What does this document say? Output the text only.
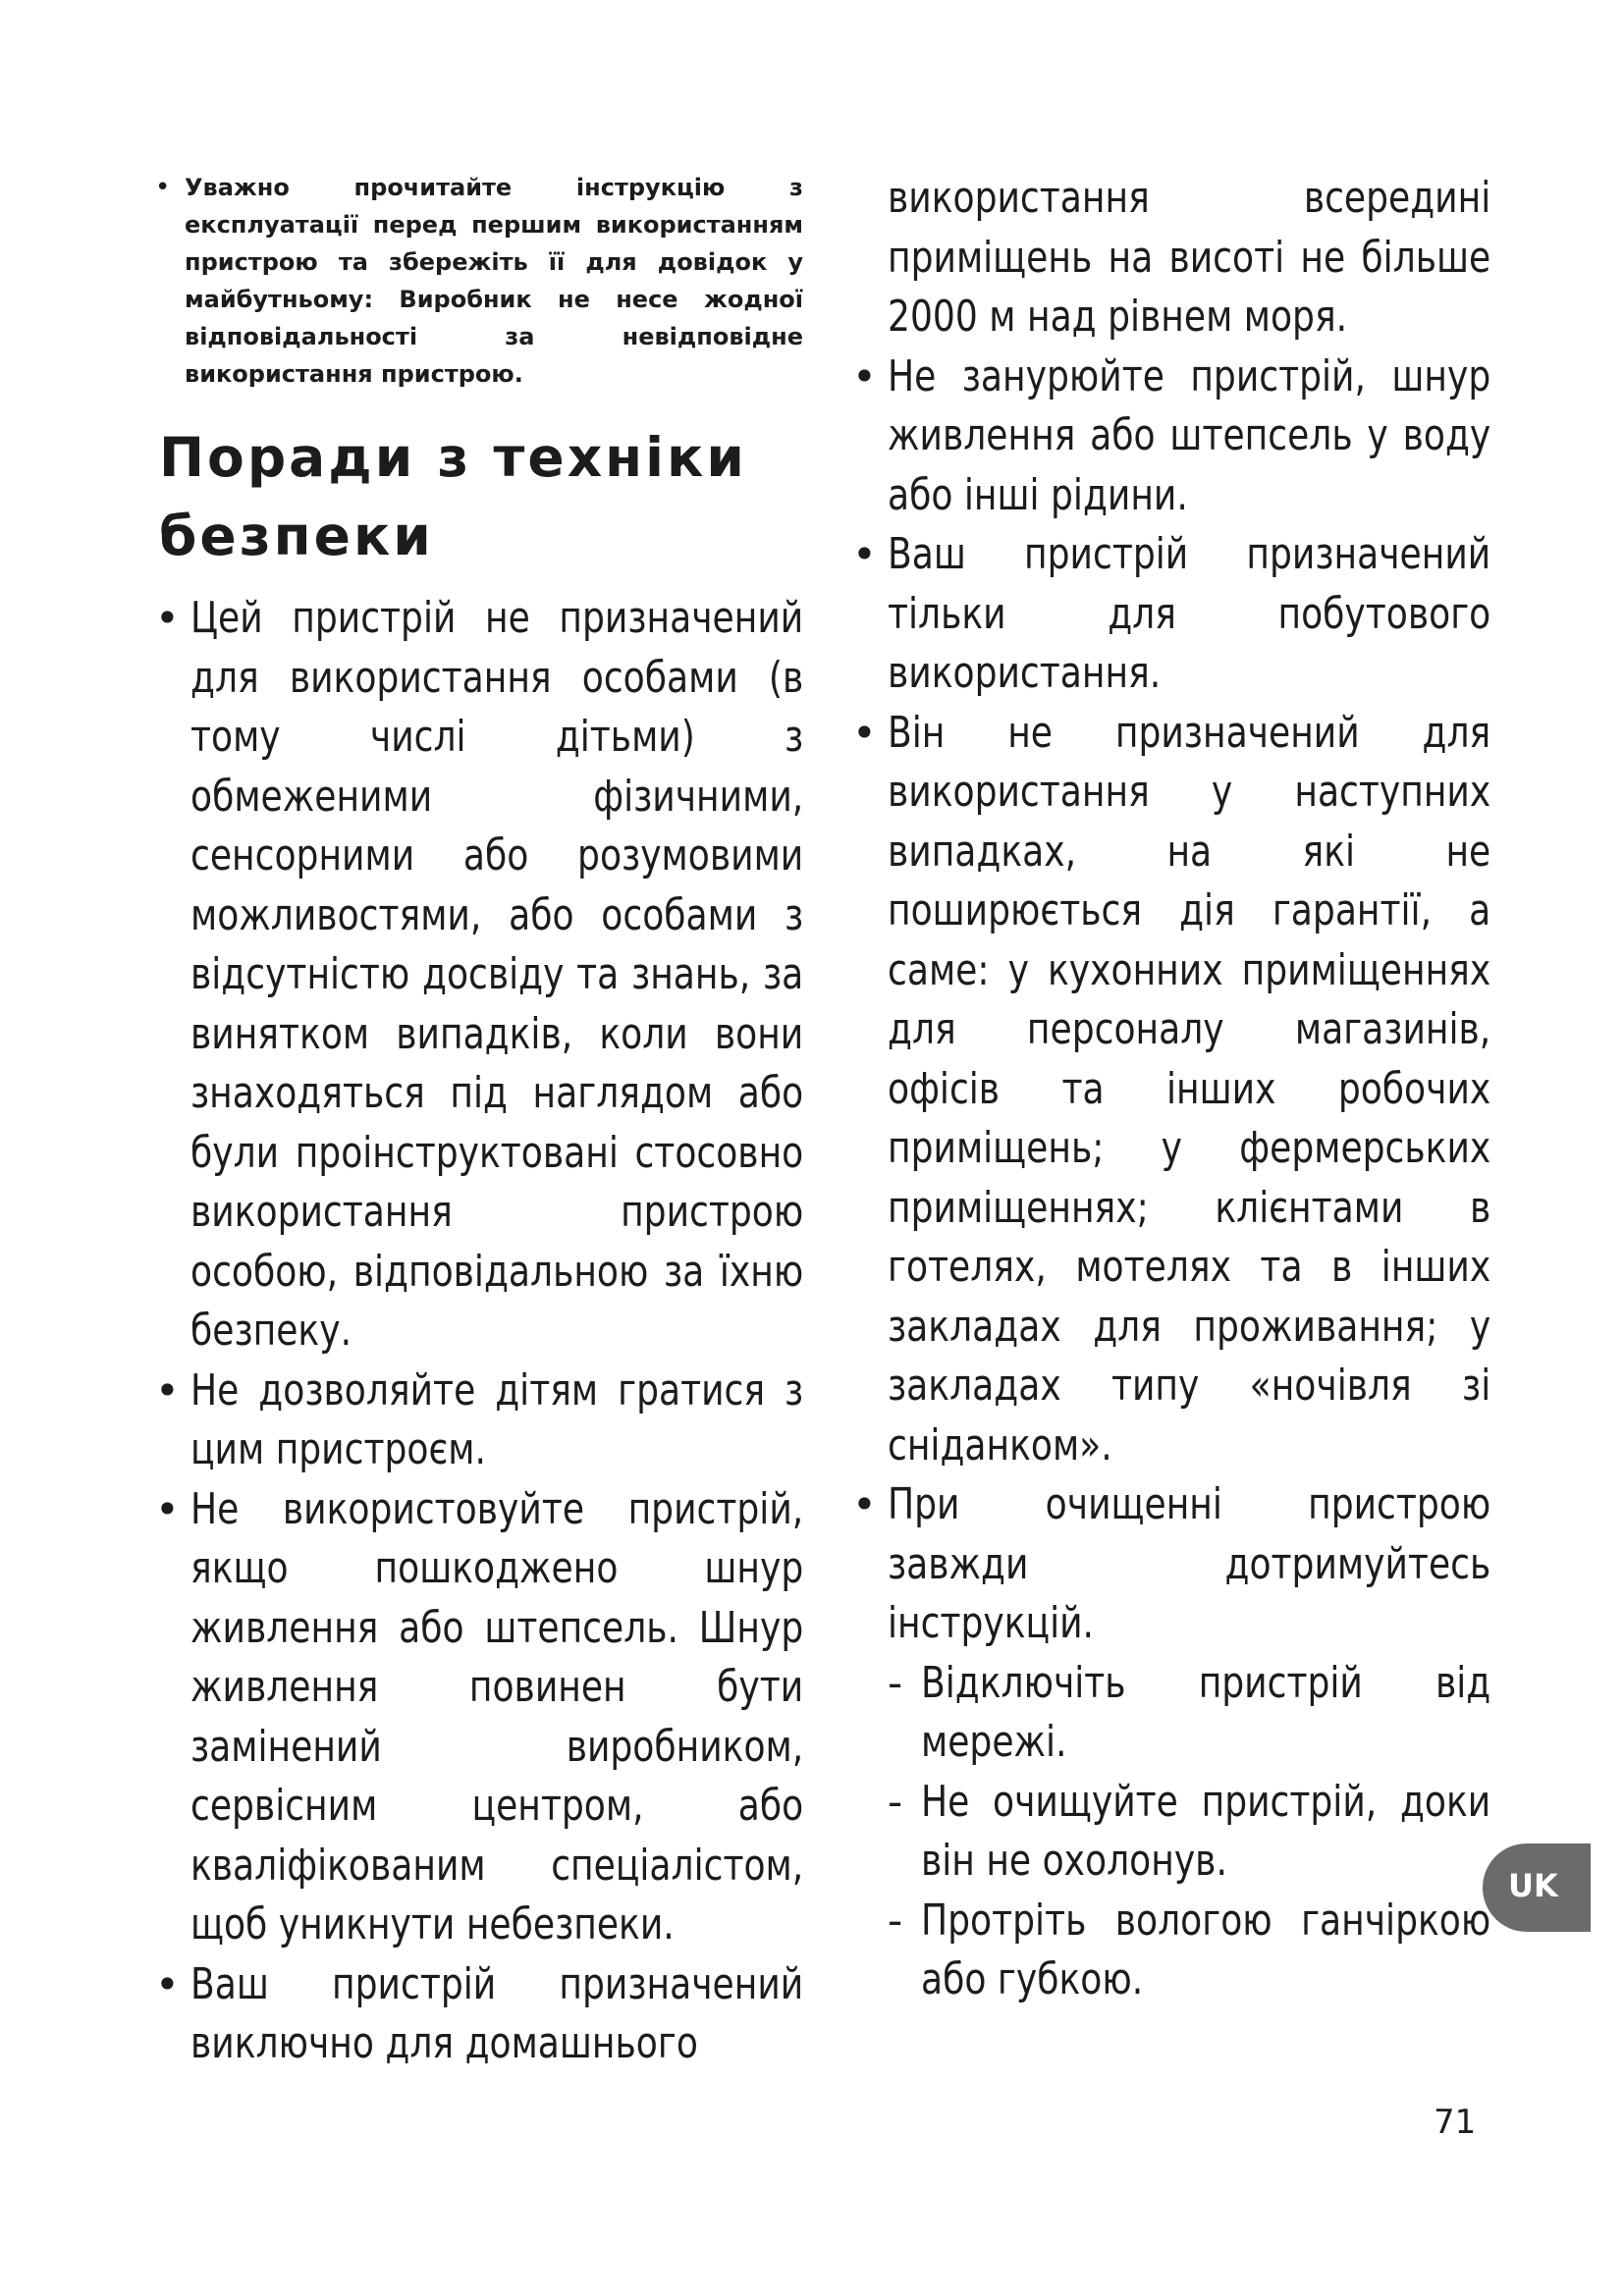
• Уважно прочитайте інструкцію з експлуатації перед першим використанням пристрою та збережіть її для довідок у майбутньому: Виробник не несе жодної відповідальності за невідповідне використання пристрою.
Поради з техніки безпеки
• Цей пристрій не призначений для використання особами (в тому числі дітьми) з обмеженими фізичними, сенсорними або розумовими можливостями, або особами з відсутністю досвіду та знань, за винятком випадків, коли вони знаходяться під наглядом або були проінструктовані стосовно використання пристрою особою, відповідальною за їхню безпеку.
• Не дозволяйте дітям гратися з цим пристроєм.
• Не використовуйте пристрій, якщо пошкоджено шнур живлення або штепсель. Шнур живлення повинен бути замінений виробником, сервісним центром, або кваліфікованим спеціалістом, щоб уникнути небезпеки.
• Ваш пристрій призначений виключно для домашнього
використання всередині приміщень на висоті не більше 2000 м над рівнем моря.
• Не занурюйте пристрій, шнур живлення або штепсель у воду або інші рідини.
• Ваш пристрій призначений тільки для побутового використання.
• Він не призначений для використання у наступних випадках, на які не поширюється дія гарантії, а саме: у кухонних приміщеннях для персоналу магазинів, офісів та інших робочих приміщень; у фермерських приміщеннях; клієнтами в готелях, мотелях та в інших закладах для проживання; у закладах типу «ночівля зі сніданком».
• При очищенні пристрою завжди дотримуйтесь інструкцій.
- Відключіть пристрій від мережі.
- Не очищуйте пристрій, доки він не охолонув.
- Протріть вологою ганчіркою або губкою.
UK
71
